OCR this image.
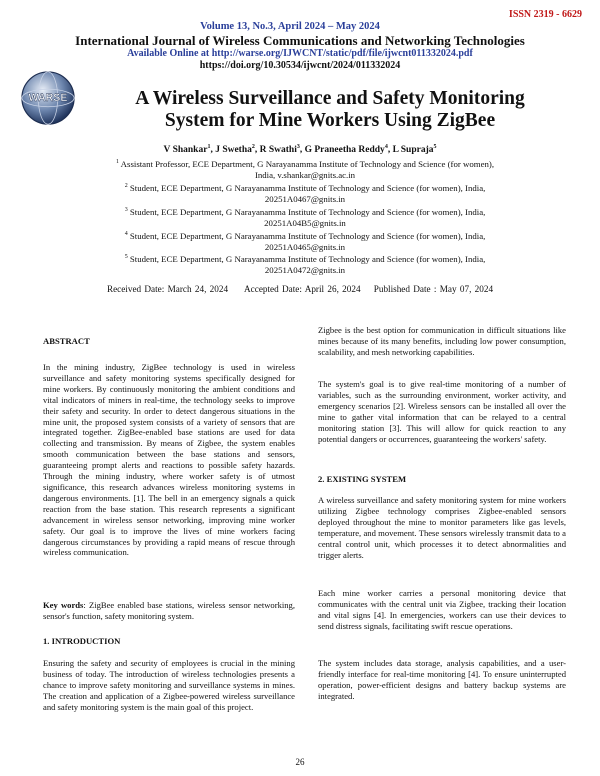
ISSN 2319 - 6629
Volume 13, No.3, April 2024 – May 2024
International Journal of Wireless Communications and Networking Technologies
Available Online at http://warse.org/IJWCNT/static/pdf/file/ijwcnt011332024.pdf
https://doi.org/10.30534/ijwcnt/2024/011332024
WARSE	A Wireless Surveillance and Safety Monitoring
System for Mine Workers Using ZigBee
V Shankar$^1$, J Swetha$^2$, R Swathi$^3$, G Praneetha Reddy$^4$, L Supraja$^5$
$^1$ Assistant Professor, ECE Department, G Narayanamma Institute of Technology and Science (for women),
India, v.shankar@gnits.ac.in
$^2$ Student, ECE Department, G Narayanamma Institute of Technology and Science (for women), India,
20251A0467@gnits.in
$^3$ Student, ECE Department, G Narayanamma Institute of Technology and Science (for women), India,
20251A04B5@gnits.in
$^4$ Student, ECE Department, G Narayanamma Institute of Technology and Science (for women), India,
20251A0465@gnits.in
$^5$ Student, ECE Department, G Narayanamma Institute of Technology and Science (for women), India,
20251A0472@gnits.in
Received Date: March 24, 2024 Accepted Date: April 26, 2024 Published Date : May 07, 2024
ABSTRACT

In the mining industry, ZigBee technology is used in wireless surveillance and safety monitoring systems specifically designed for mine workers. By continuously monitoring the ambient conditions and vital indicators of miners in real-time, the technology seeks to improve their safety and security. In order to detect dangerous situations in the mine unit, the proposed system consists of a variety of sensors that are integrated together. ZigBee-enabled base stations are used for data collecting and transmission. By means of Zigbee, the system enables smooth communication between the base stations and sensors, guaranteeing prompt alerts and reactions to possible safety hazards. Through the mining industry, where worker safety is of utmost significance, this research advances wireless monitoring systems in dangerous environments. [1]. The bell in an emergency signals a quick reaction from the base station. This research represents a significant advancement in wireless sensor networking, improving mine worker safety. Our goal is to improve the lives of mine workers facing dangerous circumstances by providing a rapid means of rescue through wireless communication.

Key words: ZigBee enabled base stations, wireless sensor networking, sensor's function, safety monitoring system.

1. INTRODUCTION

Ensuring the safety and security of employees is crucial in the mining business of today. The introduction of wireless technologies presents a chance to improve safety monitoring and surveillance systems in mines. The creation and application of a Zigbee-powered wireless surveillance and safety monitoring system is the main goal of this project.

Zigbee is the best option for communication in difficult situations like mines because of its many benefits, including low power consumption, scalability, and mesh networking capabilities.

The system's goal is to give real-time monitoring of a number of variables, such as the surrounding environment, worker activity, and emergency scenarios [2]. Wireless sensors can be installed all over the mine to gather vital information that can be relayed to a central monitoring station [3]. This will allow for quick reaction to any potential dangers or occurrences, guaranteeing the workers' safety.

2. EXISTING SYSTEM

A wireless surveillance and safety monitoring system for mine workers utilizing Zigbee technology comprises Zigbee-enabled sensors deployed throughout the mine to monitor parameters like gas levels, temperature, and movement. These sensors wirelessly transmit data to a central control unit, which processes it to detect abnormalities and trigger alerts.

Each mine worker carries a personal monitoring device that communicates with the central unit via Zigbee, tracking their location and vital signs [4]. In emergencies, workers can use their devices to send distress signals, facilitating swift rescue operations.

The system includes data storage, analysis capabilities, and a user-friendly interface for real-time monitoring [4]. To ensure uninterrupted operation, power-efficient designs and battery backup systems are integrated.

26
